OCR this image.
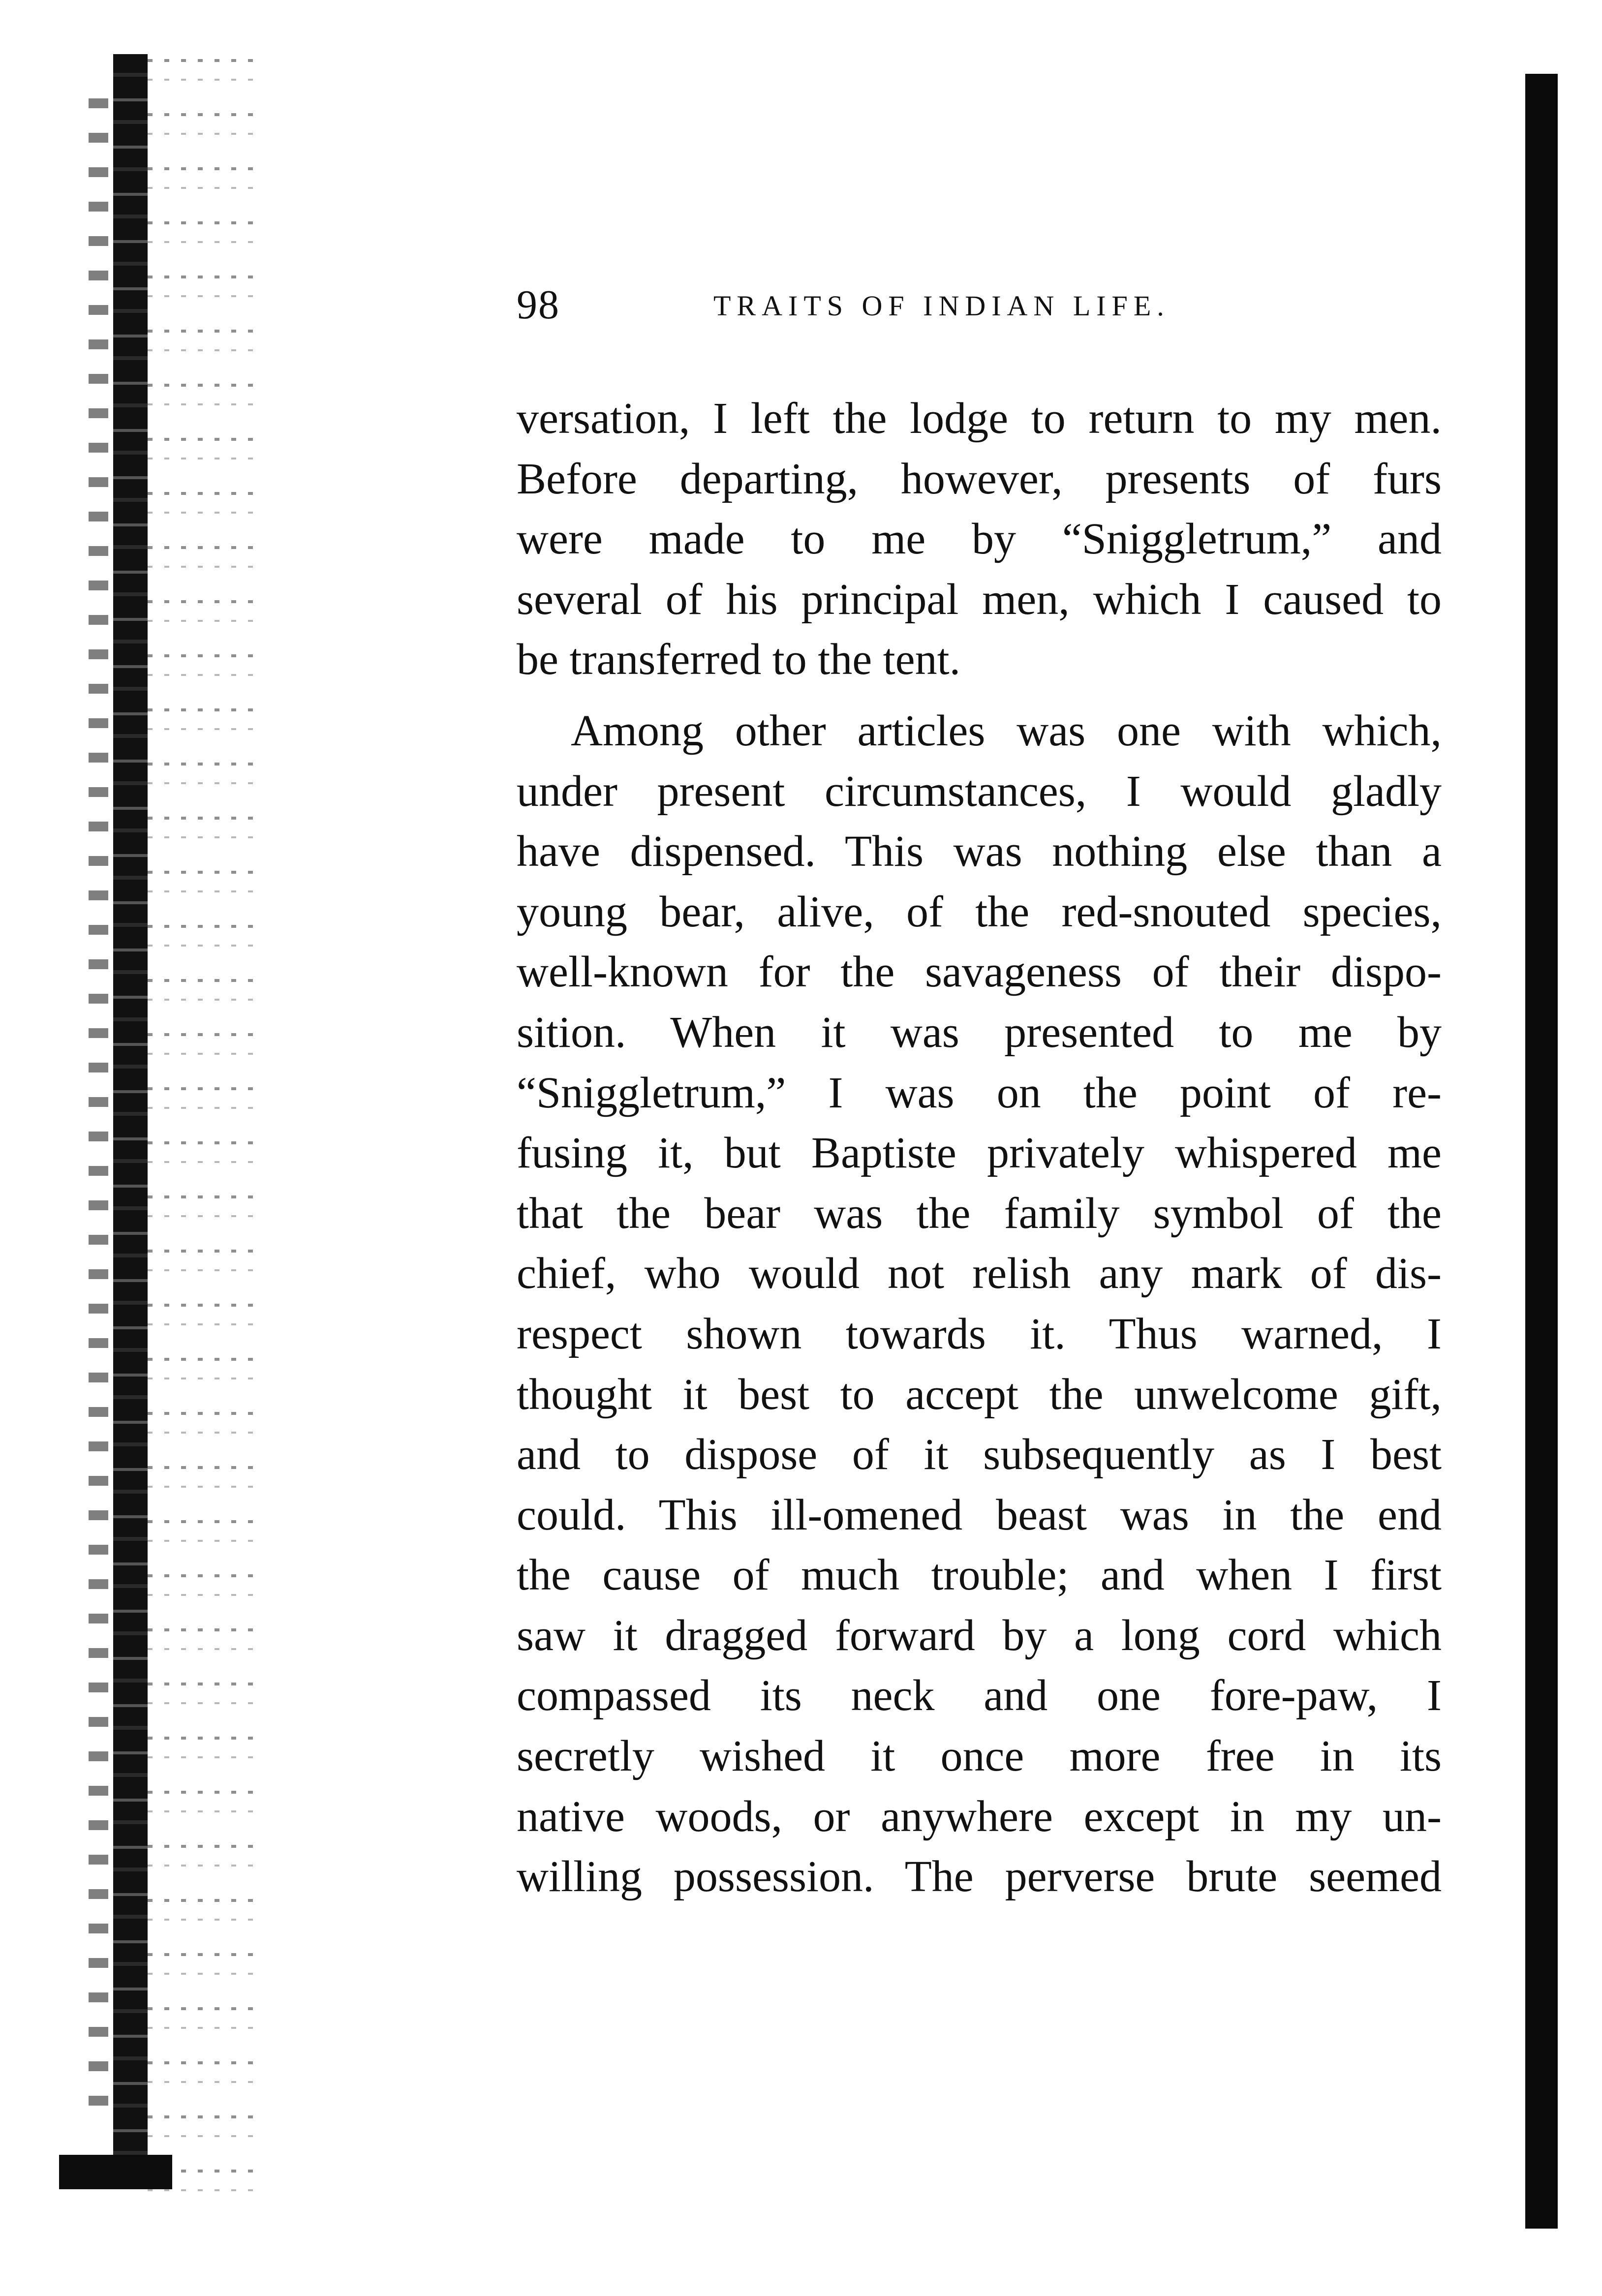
98	TRAITS OF INDIAN LIFE.
versation, I left the lodge to return to my men.
Before departing, however, presents of furs
were made to me by “Sniggletrum,” and
several of his principal men, which I caused to
be transferred to the tent.
Among other articles was one with which,
under present circumstances, I would gladly
have dispensed. This was nothing else than a
young bear, alive, of the red-snouted species,
well-known for the savageness of their dispo-
sition. When it was presented to me by
“Sniggletrum,” I was on the point of re-
fusing it, but Baptiste privately whispered me
that the bear was the family symbol of the
chief, who would not relish any mark of dis-
respect shown towards it. Thus warned, I
thought it best to accept the unwelcome gift,
and to dispose of it subsequently as I best
could. This ill-omened beast was in the end
the cause of much trouble; and when I first
saw it dragged forward by a long cord which
compassed its neck and one fore-paw, I
secretly wished it once more free in its
native woods, or anywhere except in my un-
willing possession. The perverse brute seemed
